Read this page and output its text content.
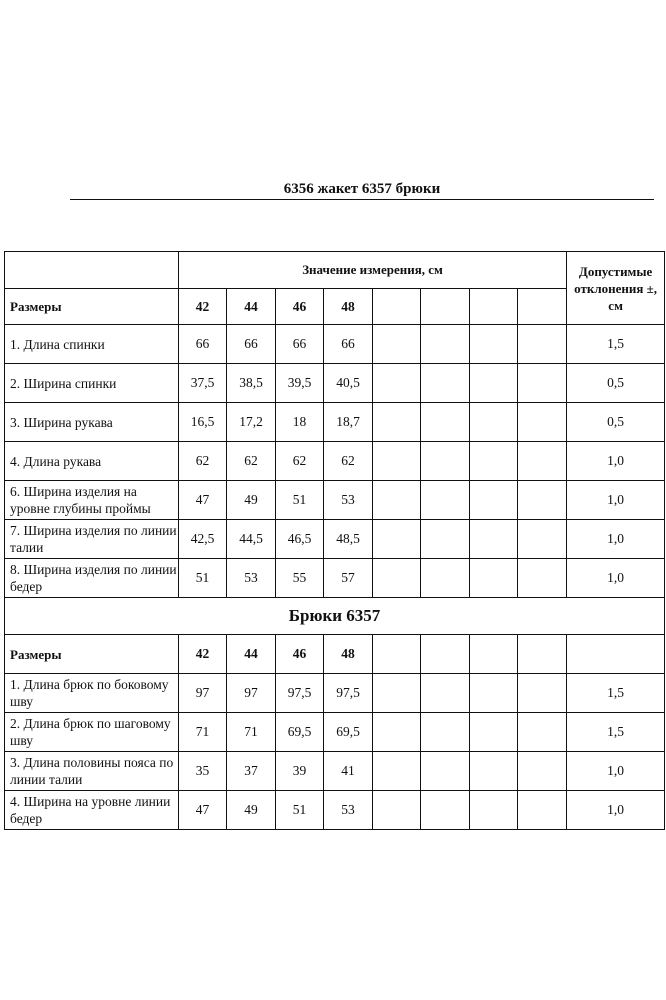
6356 жакет 6357 брюки
	Значение измерения, см								Допустимые отклонения ±, см
Размеры	42	44	46	48					
1. Длина спинки	66	66	66	66					1,5
2. Ширина спинки	37,5	38,5	39,5	40,5					0,5
3. Ширина рукава	16,5	17,2	18	18,7					0,5
4. Длина рукава	62	62	62	62					1,0
6. Ширина изделия на уровне глубины проймы	47	49	51	53					1,0
7. Ширина изделия по линии талии	42,5	44,5	46,5	48,5					1,0
8. Ширина изделия по линии бедер	51	53	55	57					1,0
Брюки 6357									
Размеры	42	44	46	48					
1. Длина брюк по боковому шву	97	97	97,5	97,5					1,5
2. Длина брюк по шаговому шву	71	71	69,5	69,5					1,5
3. Длина половины пояса по линии талии	35	37	39	41					1,0
4. Ширина на уровне линии бедер	47	49	51	53					1,0
